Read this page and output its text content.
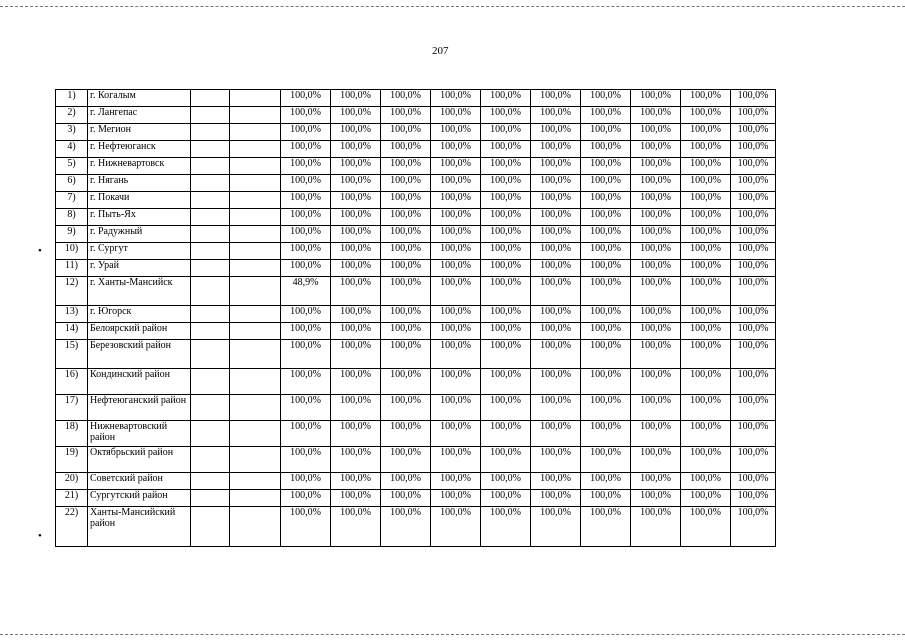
207
•
•
1)	г. Когалым			100,0%	100,0%	100,0%	100,0%	100,0%	100,0%	100,0%	100,0%	100,0%	100,0%
2)	г. Лангепас			100,0%	100,0%	100,0%	100,0%	100,0%	100,0%	100,0%	100,0%	100,0%	100,0%
3)	г. Мегион			100,0%	100,0%	100,0%	100,0%	100,0%	100,0%	100,0%	100,0%	100,0%	100,0%
4)	г. Нефтеюганск			100,0%	100,0%	100,0%	100,0%	100,0%	100,0%	100,0%	100,0%	100,0%	100,0%
5)	г. Нижневартовск			100,0%	100,0%	100,0%	100,0%	100,0%	100,0%	100,0%	100,0%	100,0%	100,0%
6)	г. Нягань			100,0%	100,0%	100,0%	100,0%	100,0%	100,0%	100,0%	100,0%	100,0%	100,0%
7)	г. Покачи			100,0%	100,0%	100,0%	100,0%	100,0%	100,0%	100,0%	100,0%	100,0%	100,0%
8)	г. Пыть-Ях			100,0%	100,0%	100,0%	100,0%	100,0%	100,0%	100,0%	100,0%	100,0%	100,0%
9)	г. Радужный			100,0%	100,0%	100,0%	100,0%	100,0%	100,0%	100,0%	100,0%	100,0%	100,0%
10)	г. Сургут			100,0%	100,0%	100,0%	100,0%	100,0%	100,0%	100,0%	100,0%	100,0%	100,0%
11)	г. Урай			100,0%	100,0%	100,0%	100,0%	100,0%	100,0%	100,0%	100,0%	100,0%	100,0%
12)	г. Ханты-Мансийск			48,9%	100,0%	100,0%	100,0%	100,0%	100,0%	100,0%	100,0%	100,0%	100,0%
13)	г. Югорск			100,0%	100,0%	100,0%	100,0%	100,0%	100,0%	100,0%	100,0%	100,0%	100,0%
14)	Белоярский район			100,0%	100,0%	100,0%	100,0%	100,0%	100,0%	100,0%	100,0%	100,0%	100,0%
15)	Березовский район			100,0%	100,0%	100,0%	100,0%	100,0%	100,0%	100,0%	100,0%	100,0%	100,0%
16)	Кондинский район			100,0%	100,0%	100,0%	100,0%	100,0%	100,0%	100,0%	100,0%	100,0%	100,0%
17)	Нефтеюганский район			100,0%	100,0%	100,0%	100,0%	100,0%	100,0%	100,0%	100,0%	100,0%	100,0%
18)	Нижневартовский район			100,0%	100,0%	100,0%	100,0%	100,0%	100,0%	100,0%	100,0%	100,0%	100,0%
19)	Октябрьский район			100,0%	100,0%	100,0%	100,0%	100,0%	100,0%	100,0%	100,0%	100,0%	100,0%
20)	Советский район			100,0%	100,0%	100,0%	100,0%	100,0%	100,0%	100,0%	100,0%	100,0%	100,0%
21)	Сургутский район			100,0%	100,0%	100,0%	100,0%	100,0%	100,0%	100,0%	100,0%	100,0%	100,0%
22)	Ханты-Мансийский район			100,0%	100,0%	100,0%	100,0%	100,0%	100,0%	100,0%	100,0%	100,0%	100,0%
